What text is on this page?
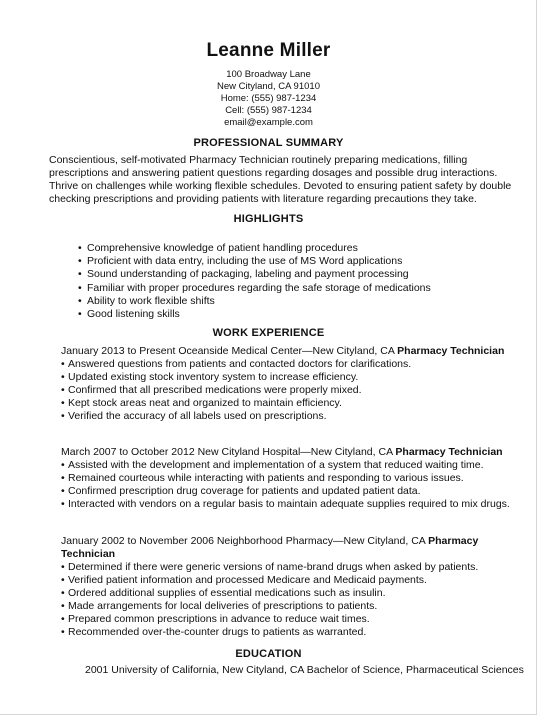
Leanne Miller
100 Broadway Lane
New Cityland, CA 91010
Home: (555) 987-1234
Cell: (555) 987-1234
email@example.com
PROFESSIONAL SUMMARY
Conscientious, self-motivated Pharmacy Technician routinely preparing medications, filling prescriptions and answering patient questions regarding dosages and possible drug interactions. Thrive on challenges while working flexible schedules. Devoted to ensuring patient safety by double checking prescriptions and providing patients with literature regarding precautions they take.
HIGHLIGHTS
• Comprehensive knowledge of patient handling procedures
• Proficient with data entry, including the use of MS Word applications
• Sound understanding of packaging, labeling and payment processing
• Familiar with proper procedures regarding the safe storage of medications
• Ability to work flexible shifts
• Good listening skills
WORK EXPERIENCE
January 2013 to Present Oceanside Medical Center—New Cityland, CA Pharmacy Technician
• Answered questions from patients and contacted doctors for clarifications.
• Updated existing stock inventory system to increase efficiency.
• Confirmed that all prescribed medications were properly mixed.
• Kept stock areas neat and organized to maintain efficiency.
• Verified the accuracy of all labels used on prescriptions.
March 2007 to October 2012 New Cityland Hospital—New Cityland, CA Pharmacy Technician
• Assisted with the development and implementation of a system that reduced waiting time.
• Remained courteous while interacting with patients and responding to various issues.
• Confirmed prescription drug coverage for patients and updated patient data.
• Interacted with vendors on a regular basis to maintain adequate supplies required to mix drugs.
January 2002 to November 2006 Neighborhood Pharmacy—New Cityland, CA Pharmacy Technician
• Determined if there were generic versions of name-brand drugs when asked by patients.
• Verified patient information and processed Medicare and Medicaid payments.
• Ordered additional supplies of essential medications such as insulin.
• Made arrangements for local deliveries of prescriptions to patients.
• Prepared common prescriptions in advance to reduce wait times.
• Recommended over-the-counter drugs to patients as warranted.
EDUCATION
2001 University of California, New Cityland, CA Bachelor of Science, Pharmaceutical Sciences
